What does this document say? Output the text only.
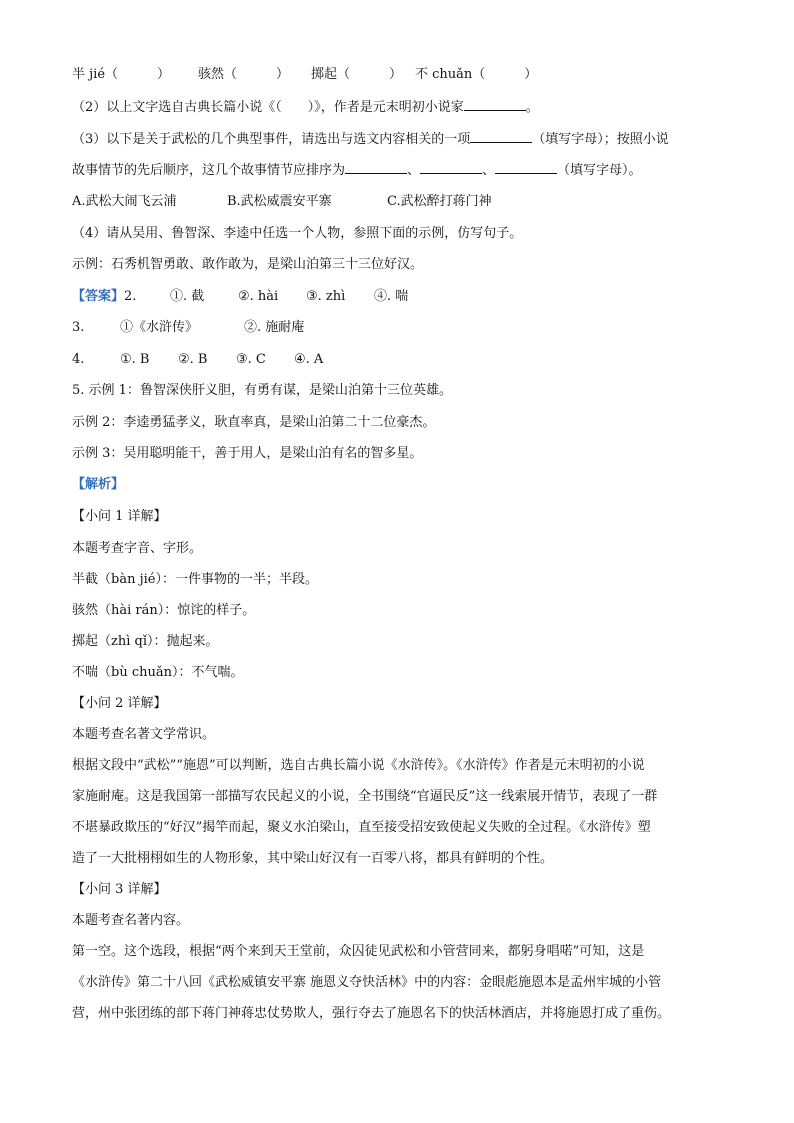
半 jié（　　　）	骇然（　　　）	掷起（　　　） 不 chuǎn（　　　）
（2）以上文字选自古典长篇小说《（　　）》，作者是元末明初小说家	。
（3）以下是关于武松的几个典型事件，请选出与选文内容相关的一项	（填写字母）；按照小说
故事情节的先后顺序，这几个故事情节应排序为	、	、	（填写字母）。
A.武松大闹飞云浦	B.武松威震安平寨	C.武松醉打蒋门神
（4）请从吴用、鲁智深、李逵中任选一个人物，参照下面的示例，仿写句子。
示例：石秀机智勇敢、敢作敢为，是梁山泊第三十三位好汉。
【答案】 2.	①. 截	②. hài	③. zhì	④. 喘
3.	①《水浒传》	②. 施耐庵
4.	①. B	②. B	③. C	④. A
5. 示例 1：鲁智深侠肝义胆，有勇有谋，是梁山泊第十三位英雄。
示例 2：李逵勇猛孝义，耿直率真，是梁山泊第二十二位豪杰。
示例 3：吴用聪明能干，善于用人，是梁山泊有名的智多星。
【解析】
【小问 1 详解】
本题考查字音、字形。
半截（bàn jié）：一件事物的一半；半段。
骇然（hài rán）：惊诧的样子。
掷起（zhì qǐ）：抛起来。
不喘（bù chuǎn）：不气喘。
【小问 2 详解】
本题考查名著文学常识。
根据文段中“武松”“施恩”可以判断，选自古典长篇小说《水浒传》。《水浒传》作者是元末明初的小说
家施耐庵。这是我国第一部描写农民起义的小说，全书围绕“官逼民反”这一线索展开情节，表现了一群
不堪暴政欺压的“好汉”揭竿而起，聚义水泊梁山，直至接受招安致使起义失败的全过程。《水浒传》塑
造了一大批栩栩如生的人物形象，其中梁山好汉有一百零八将，都具有鲜明的个性。
【小问 3 详解】
本题考查名著内容。
第一空。这个选段，根据“两个来到天王堂前，众囚徒见武松和小管营同来，都躬身唱喏”可知，这是
《水浒传》第二十八回《武松威镇安平寨 施恩义夺快活林》中的内容：金眼彪施恩本是孟州牢城的小管
营，州中张团练的部下蒋门神蒋忠仗势欺人，强行夺去了施恩名下的快活林酒店，并将施恩打成了重伤。
